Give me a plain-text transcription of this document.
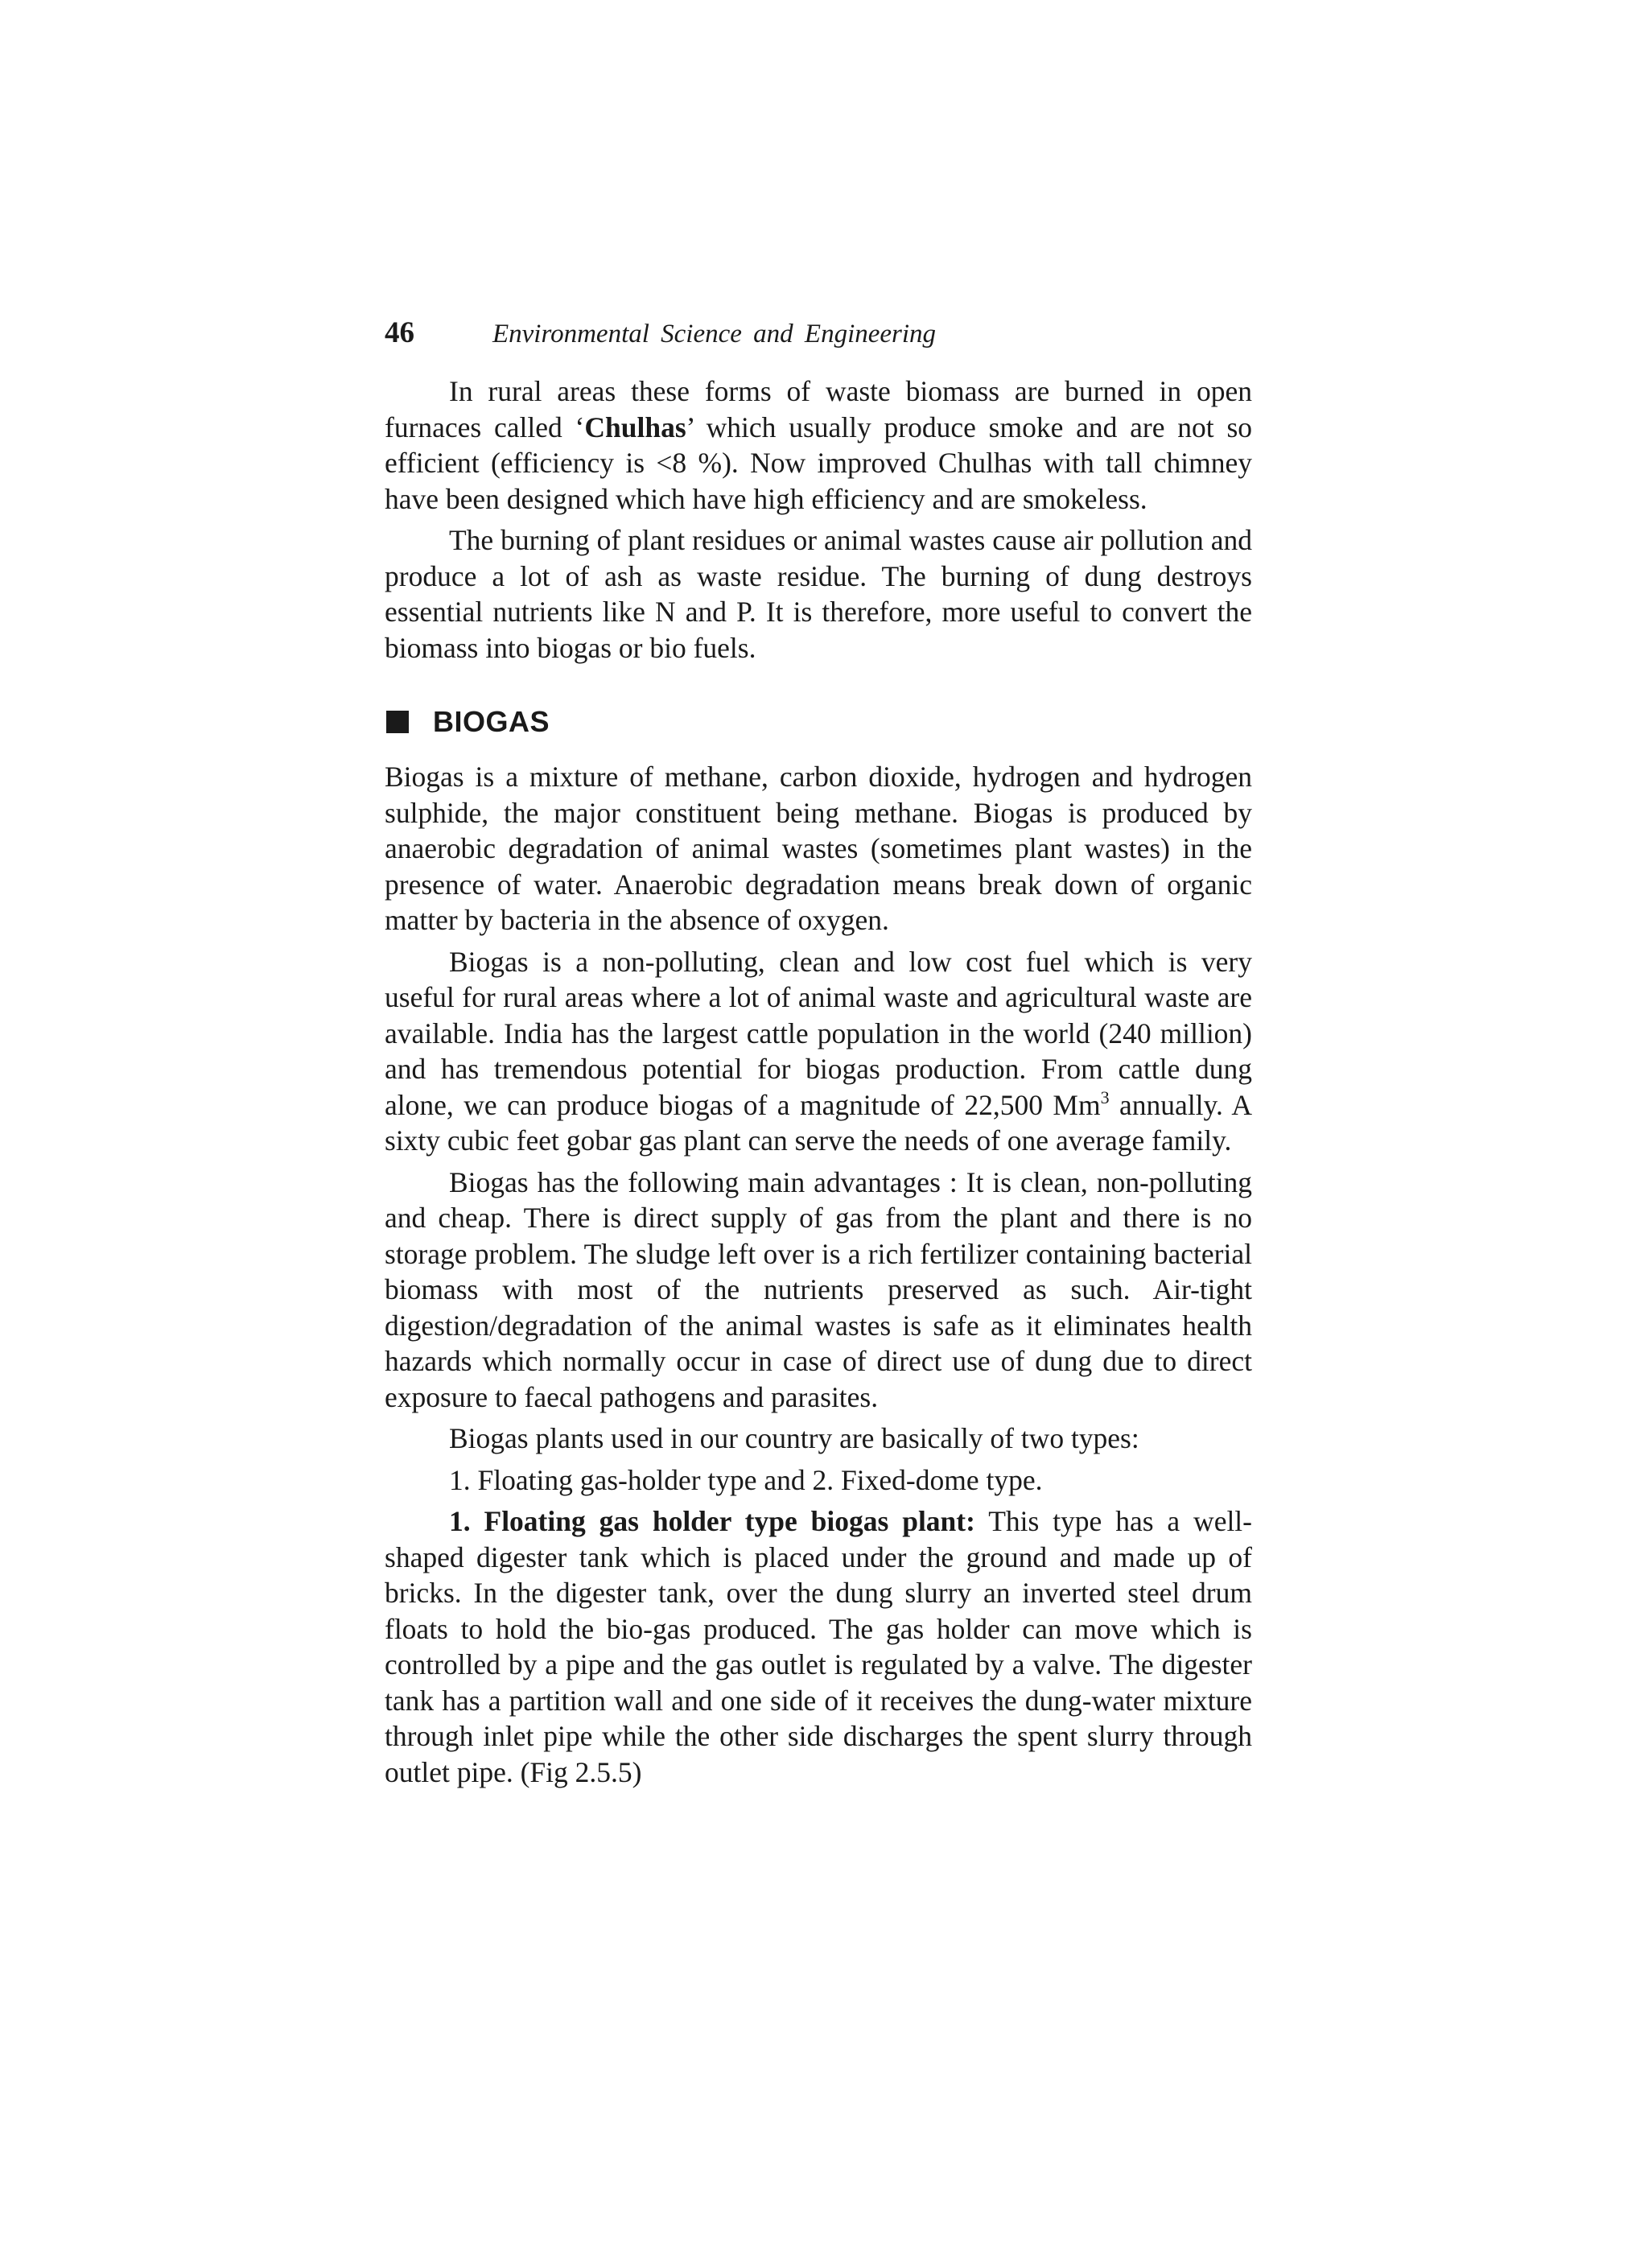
46	Environmental Science and Engineering

In rural areas these forms of waste biomass are burned in open furnaces called ‘Chulhas’ which usually produce smoke and are not so efficient (efficiency is <8 %). Now improved Chulhas with tall chimney have been designed which have high efficiency and are smokeless.

The burning of plant residues or animal wastes cause air pollution and produce a lot of ash as waste residue. The burning of dung destroys essential nutrients like N and P. It is therefore, more useful to convert the biomass into biogas or bio fuels.

BIOGAS

Biogas is a mixture of methane, carbon dioxide, hydrogen and hydrogen sulphide, the major constituent being methane. Biogas is produced by anaerobic degradation of animal wastes (sometimes plant wastes) in the presence of water. Anaerobic degradation means break down of organic matter by bacteria in the absence of oxygen.

Biogas is a non-polluting, clean and low cost fuel which is very useful for rural areas where a lot of animal waste and agricultural waste are available. India has the largest cattle population in the world (240 million) and has tremendous potential for biogas production. From cattle dung alone, we can produce biogas of a magnitude of 22,500 Mm$^3$ annually. A sixty cubic feet gobar gas plant can serve the needs of one average family.

Biogas has the following main advantages : It is clean, non-polluting and cheap. There is direct supply of gas from the plant and there is no storage problem. The sludge left over is a rich fertilizer containing bacterial biomass with most of the nutrients preserved as such. Air-tight digestion/degradation of the animal wastes is safe as it eliminates health hazards which normally occur in case of direct use of dung due to direct exposure to faecal pathogens and parasites.

Biogas plants used in our country are basically of two types:

1. Floating gas-holder type and 2. Fixed-dome type.

1. Floating gas holder type biogas plant: This type has a well-shaped digester tank which is placed under the ground and made up of bricks. In the digester tank, over the dung slurry an inverted steel drum floats to hold the bio-gas produced. The gas holder can move which is controlled by a pipe and the gas outlet is regulated by a valve. The digester tank has a partition wall and one side of it receives the dung-water mixture through inlet pipe while the other side discharges the spent slurry through outlet pipe. (Fig 2.5.5)
